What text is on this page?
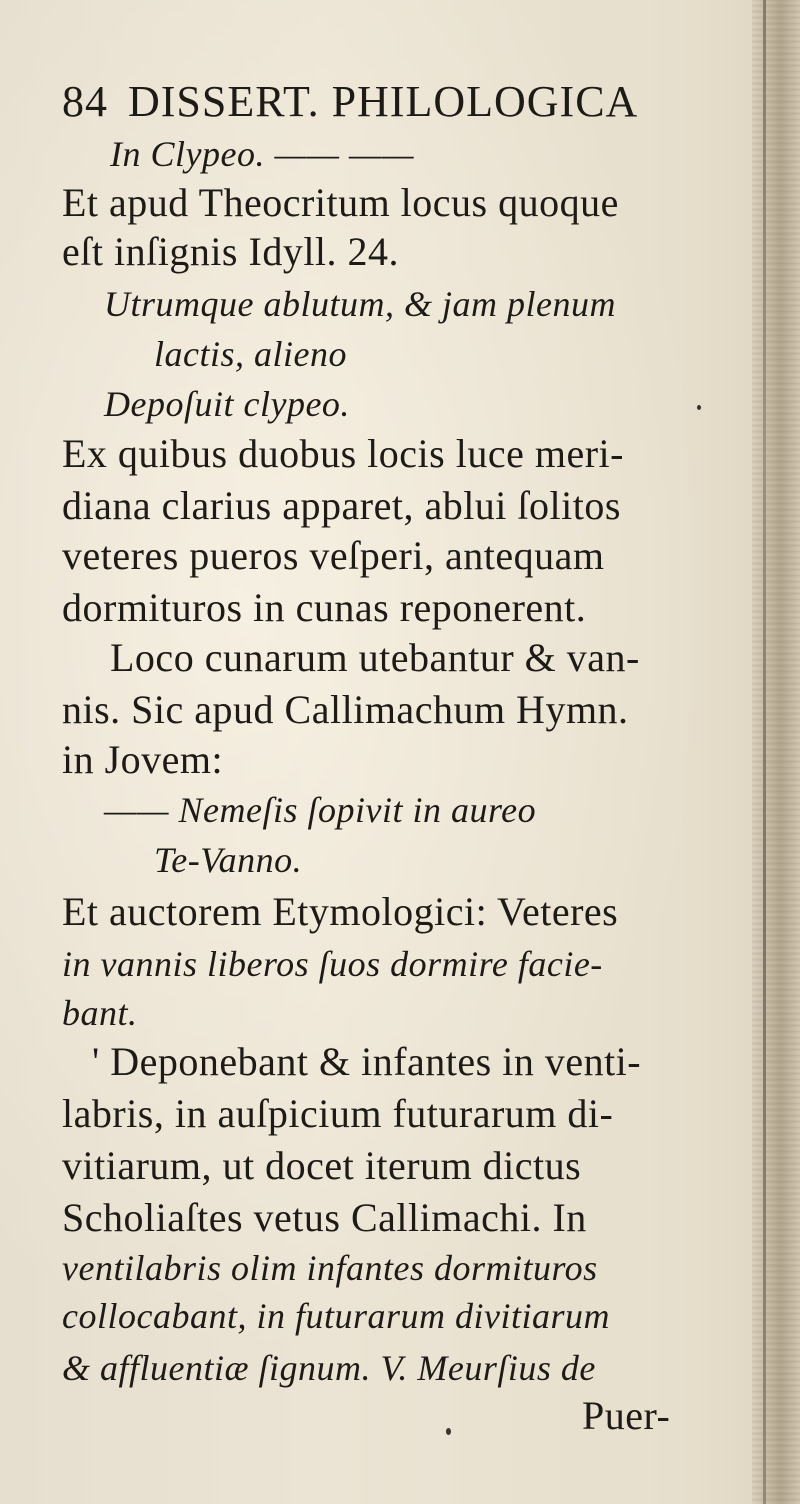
84 DISSERT. PHILOLOGICA
In Clypeo. —— ——
Et apud Theocritum locus quoque
eſt inſignis Idyll. 24.
Utrumque ablutum, & jam plenum
lactis, alieno
Depoſuit clypeo.
Ex quibus duobus locis luce meri-
diana clarius apparet, ablui ſolitos
veteres pueros veſperi, antequam
dormituros in cunas reponerent.
Loco cunarum utebantur & van-
nis. Sic apud Callimachum Hymn.
in Jovem:
—— Nemeſis ſopivit in aureo
Te-Vanno.
Et auctorem Etymologici: Veteres
in vannis liberos ſuos dormire facie-
bant.
' Deponebant & infantes in venti-
labris, in auſpicium futurarum di-
vitiarum, ut docet iterum dictus
Scholiaſtes vetus Callimachi. In
ventilabris olim infantes dormituros
collocabant, in futurarum divitiarum
& affluentiæ ſignum. V. Meurſius de
Puer-
